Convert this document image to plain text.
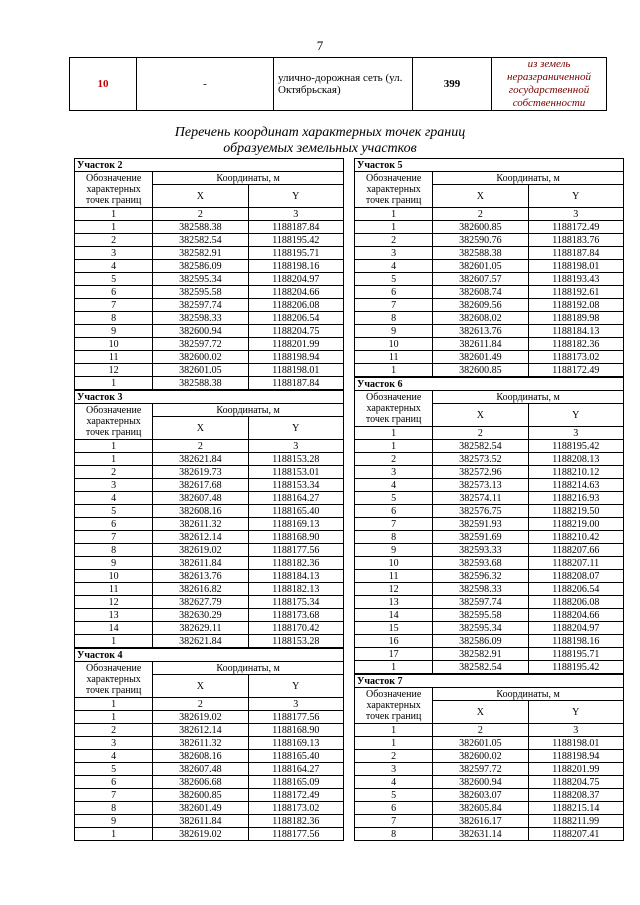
7
10	-	улично-дорожная сеть (ул. Октябрьская)	399	из земель неразграниченной государственной собственности
Перечень координат характерных точек границ
образуемых земельных участков
Участок 2		
Обозначение характерных точек границ	Координаты, м	
	X	Y
1	2	3
1	382588.38	1188187.84
2	382582.54	1188195.42
3	382582.91	1188195.71
4	382586.09	1188198.16
5	382595.34	1188204.97
6	382595.58	1188204.66
7	382597.74	1188206.08
8	382598.33	1188206.54
9	382600.94	1188204.75
10	382597.72	1188201.99
11	382600.02	1188198.94
12	382601.05	1188198.01
1	382588.38	1188187.84
Участок 3		
Обозначение характерных точек границ	Координаты, м	
	X	Y
1	2	3
1	382621.84	1188153.28
2	382619.73	1188153.01
3	382617.68	1188153.34
4	382607.48	1188164.27
5	382608.16	1188165.40
6	382611.32	1188169.13
7	382612.14	1188168.90
8	382619.02	1188177.56
9	382611.84	1188182.36
10	382613.76	1188184.13
11	382616.82	1188182.13
12	382627.79	1188175.34
13	382630.29	1188173.68
14	382629.11	1188170.42
1	382621.84	1188153.28
Участок 4		
Обозначение характерных точек границ	Координаты, м	
	X	Y
1	2	3
1	382619.02	1188177.56
2	382612.14	1188168.90
3	382611.32	1188169.13
4	382608.16	1188165.40
5	382607.48	1188164.27
6	382606.68	1188165.09
7	382600.85	1188172.49
8	382601.49	1188173.02
9	382611.84	1188182.36
1	382619.02	1188177.56
Участок 5		
Обозначение характерных точек границ	Координаты, м	
	X	Y
1	2	3
1	382600.85	1188172.49
2	382590.76	1188183.76
3	382588.38	1188187.84
4	382601.05	1188198.01
5	382607.57	1188193.43
6	382608.74	1188192.61
7	382609.56	1188192.08
8	382608.02	1188189.98
9	382613.76	1188184.13
10	382611.84	1188182.36
11	382601.49	1188173.02
1	382600.85	1188172.49
Участок 6		
Обозначение характерных точек границ	Координаты, м	
	X	Y
1	2	3
1	382582.54	1188195.42
2	382573.52	1188208.13
3	382572.96	1188210.12
4	382573.13	1188214.63
5	382574.11	1188216.93
6	382576.75	1188219.50
7	382591.93	1188219.00
8	382591.69	1188210.42
9	382593.33	1188207.66
10	382593.68	1188207.11
11	382596.32	1188208.07
12	382598.33	1188206.54
13	382597.74	1188206.08
14	382595.58	1188204.66
15	382595.34	1188204.97
16	382586.09	1188198.16
17	382582.91	1188195.71
1	382582.54	1188195.42
Участок 7		
Обозначение характерных точек границ	Координаты, м	
	X	Y
1	2	3
1	382601.05	1188198.01
2	382600.02	1188198.94
3	382597.72	1188201.99
4	382600.94	1188204.75
5	382603.07	1188208.37
6	382605.84	1188215.14
7	382616.17	1188211.99
8	382631.14	1188207.41
